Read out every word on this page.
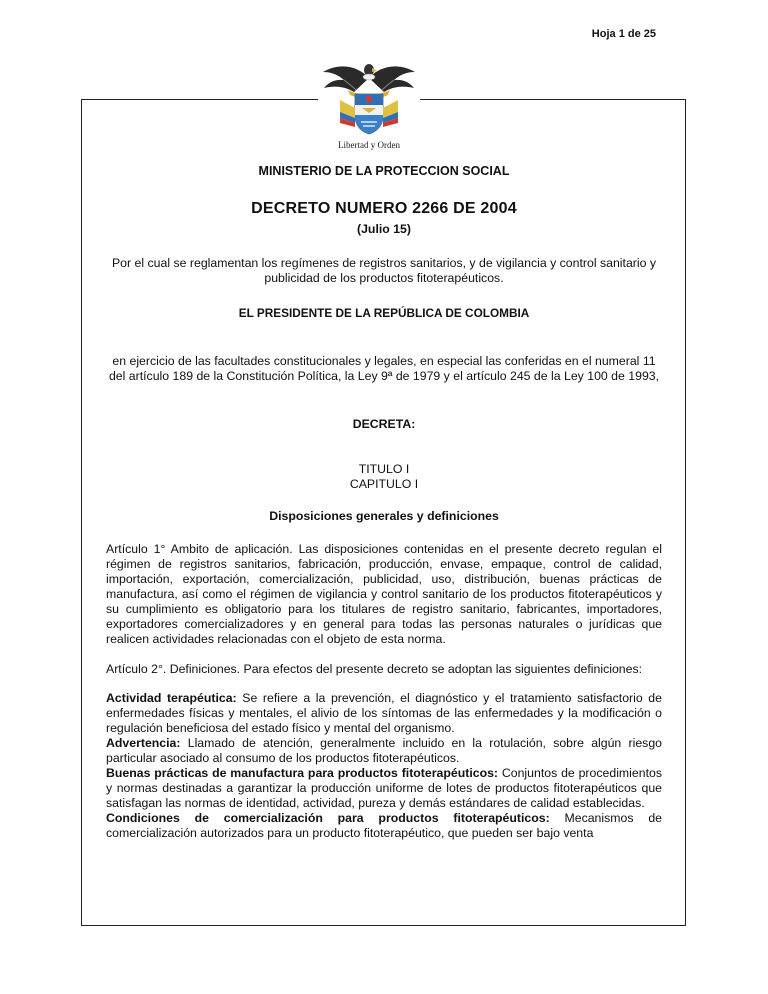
Hoja 1 de 25
Libertad y Orden

MINISTERIO DE LA PROTECCION SOCIAL

DECRETO NUMERO 2266 DE 2004

(Julio 15)

Por el cual se reglamentan los regímenes de registros sanitarios, y de vigilancia y control sanitario y publicidad de los productos fitoterapéuticos.

EL PRESIDENTE DE LA REPÚBLICA DE COLOMBIA

en ejercicio de las facultades constitucionales y legales, en especial las conferidas en el numeral 11 del artículo 189 de la Constitución Política, la Ley 9ª de 1979 y el artículo 245 de la Ley 100 de 1993,

DECRETA:

TITULO I

CAPITULO I

Disposiciones generales y definiciones

Artículo 1° Ambito de aplicación. Las disposiciones contenidas en el presente decreto regulan el régimen de registros sanitarios, fabricación, producción, envase, empaque, control de calidad, importación, exportación, comercialización, publicidad, uso, distribución, buenas prácticas de manufactura, así como el régimen de vigilancia y control sanitario de los productos fitoterapéuticos y su cumplimiento es obligatorio para los titulares de registro sanitario, fabricantes, importadores, exportadores comercializadores y en general para todas las personas naturales o jurídicas que realicen actividades relacionadas con el objeto de esta norma.

Artículo 2°. Definiciones. Para efectos del presente decreto se adoptan las siguientes definiciones:

Actividad terapéutica: Se refiere a la prevención, el diagnóstico y el tratamiento satisfactorio de enfermedades físicas y mentales, el alivio de los síntomas de las enfermedades y la modificación o regulación beneficiosa del estado físico y mental del organismo.

Advertencia: Llamado de atención, generalmente incluido en la rotulación, sobre algún riesgo particular asociado al consumo de los productos fitoterapéuticos.

Buenas prácticas de manufactura para productos fitoterapéuticos: Conjuntos de procedimientos y normas destinadas a garantizar la producción uniforme de lotes de productos fitoterapéuticos que satisfagan las normas de identidad, actividad, pureza y demás estándares de calidad establecidas.

Condiciones de comercialización para productos fitoterapéuticos: Mecanismos de comercialización autorizados para un producto fitoterapéutico, que pueden ser bajo venta
